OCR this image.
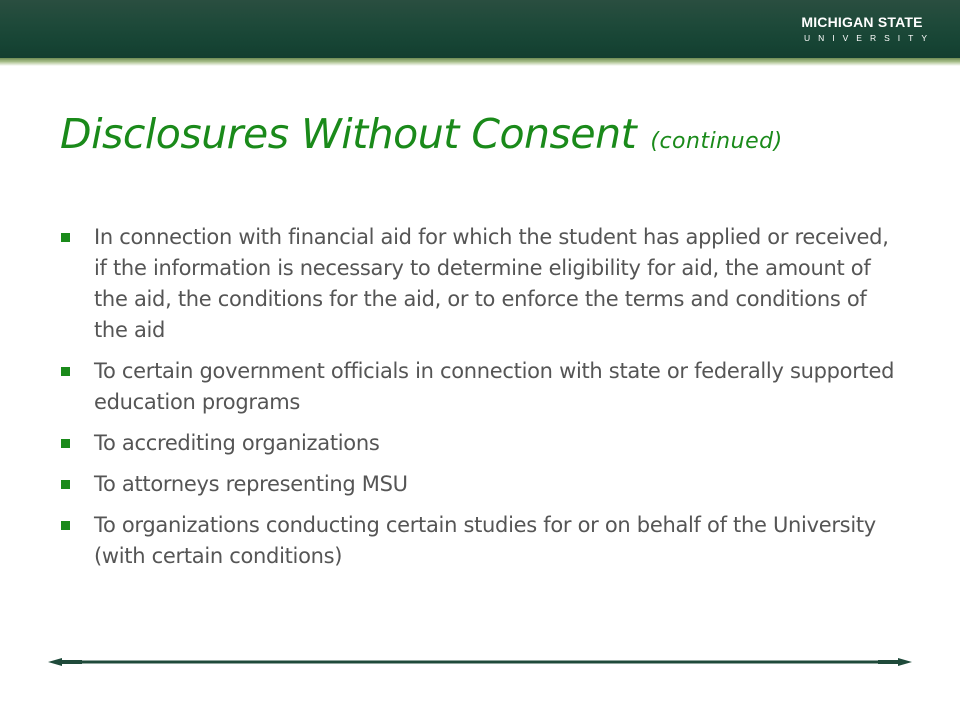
MICHIGAN STATE
UNIVERSITY
Disclosures Without Consent (continued)
In connection with financial aid for which the student has applied or received, if the information is necessary to determine eligibility for aid, the amount of the aid, the conditions for the aid, or to enforce the terms and conditions of the aid
To certain government officials in connection with state or federally supported education programs
To accrediting organizations
To attorneys representing MSU
To organizations conducting certain studies for or on behalf of the University (with certain conditions)
